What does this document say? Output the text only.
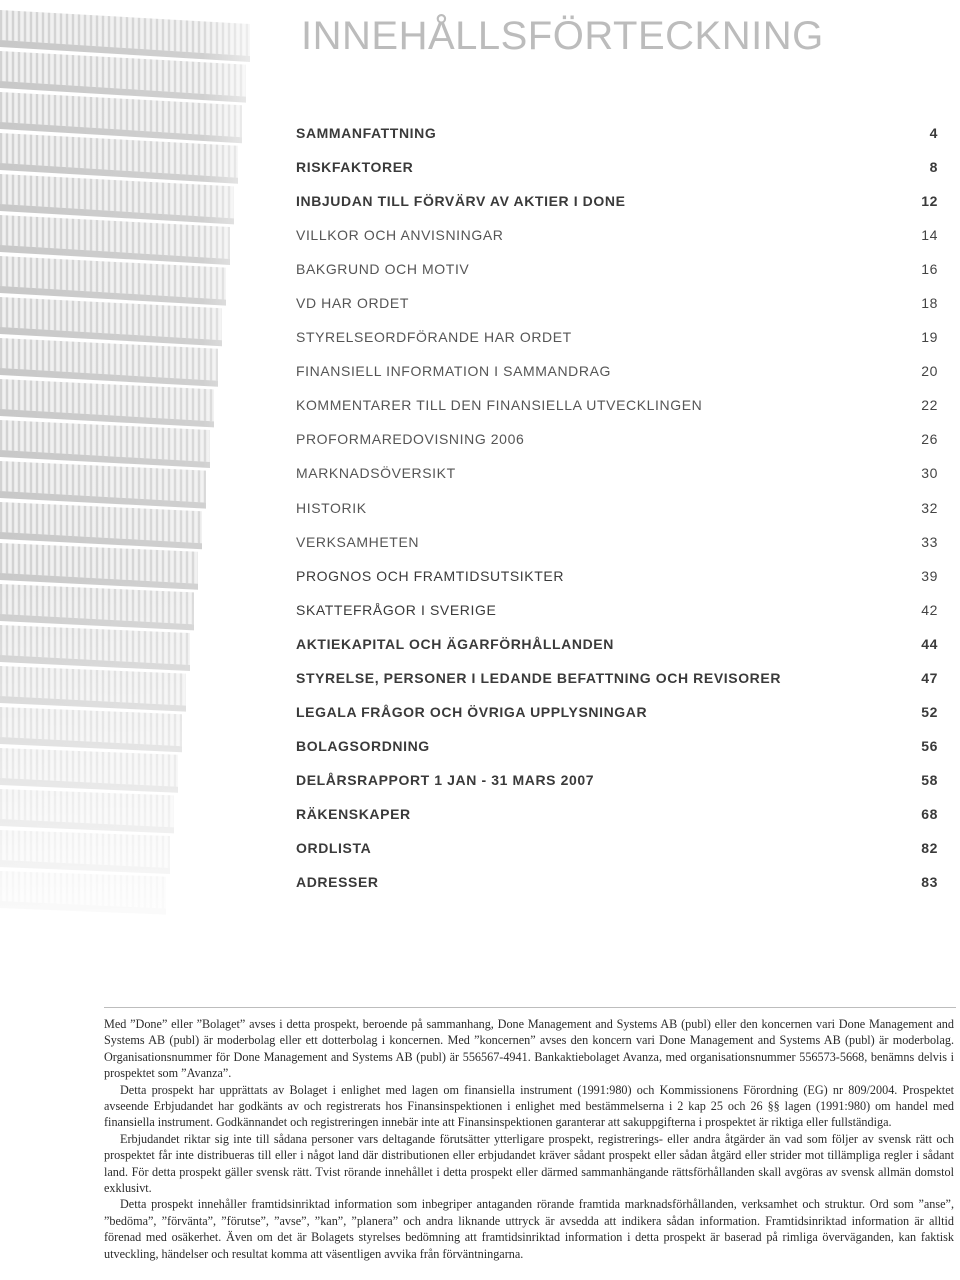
INNEHÅLLSFÖRTECKNING
SAMMANFATTNING	4
RISKFAKTORER	8
INBJUDAN TILL FÖRVÄRV AV AKTIER I DONE	12
VILLKOR OCH ANVISNINGAR	14
BAKGRUND OCH MOTIV	16
VD HAR ORDET	18
STYRELSEORDFÖRANDE HAR ORDET	19
FINANSIELL INFORMATION I SAMMANDRAG	20
KOMMENTARER TILL DEN FINANSIELLA UTVECKLINGEN	22
PROFORMAREDOVISNING 2006	26
MARKNADSÖVERSIKT	30
HISTORIK	32
VERKSAMHETEN	33
PROGNOS OCH FRAMTIDSUTSIKTER	39
SKATTEFRÅGOR I SVERIGE	42
AKTIEKAPITAL OCH ÄGARFÖRHÅLLANDEN	44
STYRELSE, PERSONER I LEDANDE BEFATTNING OCH REVISORER	47
LEGALA FRÅGOR OCH ÖVRIGA UPPLYSNINGAR	52
BOLAGSORDNING	56
DELÅRSRAPPORT 1 JAN - 31 MARS 2007	58
RÄKENSKAPER	68
ORDLISTA	82
ADRESSER	83

Med ”Done” eller ”Bolaget” avses i detta prospekt, beroende på sammanhang, Done Management and Systems AB (publ) eller den koncernen vari Done Management and Systems AB (publ) är moderbolag eller ett dotterbolag i koncernen. Med ”koncernen” avses den koncern vari Done Management and Systems AB (publ) är moderbolag. Organisationsnummer för Done Management and Systems AB (publ) är 556567-4941. Bankaktiebolaget Avanza, med organisationsnummer 556573-5668, benämns delvis i prospektet som ”Avanza”.

Detta prospekt har upprättats av Bolaget i enlighet med lagen om finansiella instrument (1991:980) och Kommissionens Förordning (EG) nr 809/2004. Prospektet avseende Erbjudandet har godkänts av och registrerats hos Finansinspektionen i enlighet med bestämmelserna i 2 kap 25 och 26 §§ lagen (1991:980) om handel med finansiella instrument. Godkännandet och registreringen innebär inte att Finansinspektionen garanterar att sakuppgifterna i prospektet är riktiga eller fullständiga.

Erbjudandet riktar sig inte till sådana personer vars deltagande förutsätter ytterligare prospekt, registrerings- eller andra åtgärder än vad som följer av svensk rätt och prospektet får inte distribueras till eller i något land där distributionen eller erbjudandet kräver sådant prospekt eller sådan åtgärd eller strider mot tillämpliga regler i sådant land. För detta prospekt gäller svensk rätt. Tvist rörande innehållet i detta prospekt eller därmed sammanhängande rättsförhållanden skall avgöras av svensk allmän domstol exklusivt.

Detta prospekt innehåller framtidsinriktad information som inbegriper antaganden rörande framtida marknadsförhållanden, verksamhet och struktur. Ord som ”anse”, ”bedöma”, ”förvänta”, ”förutse”, ”avse”, ”kan”, ”planera” och andra liknande uttryck är avsedda att indikera sådan information. Framtidsinriktad information är alltid förenad med osäkerhet. Även om det är Bolagets styrelses bedömning att framtidsinriktad information i detta prospekt är baserad på rimliga överväganden, kan faktisk utveckling, händelser och resultat komma att väsentligen avvika från förväntningarna.
